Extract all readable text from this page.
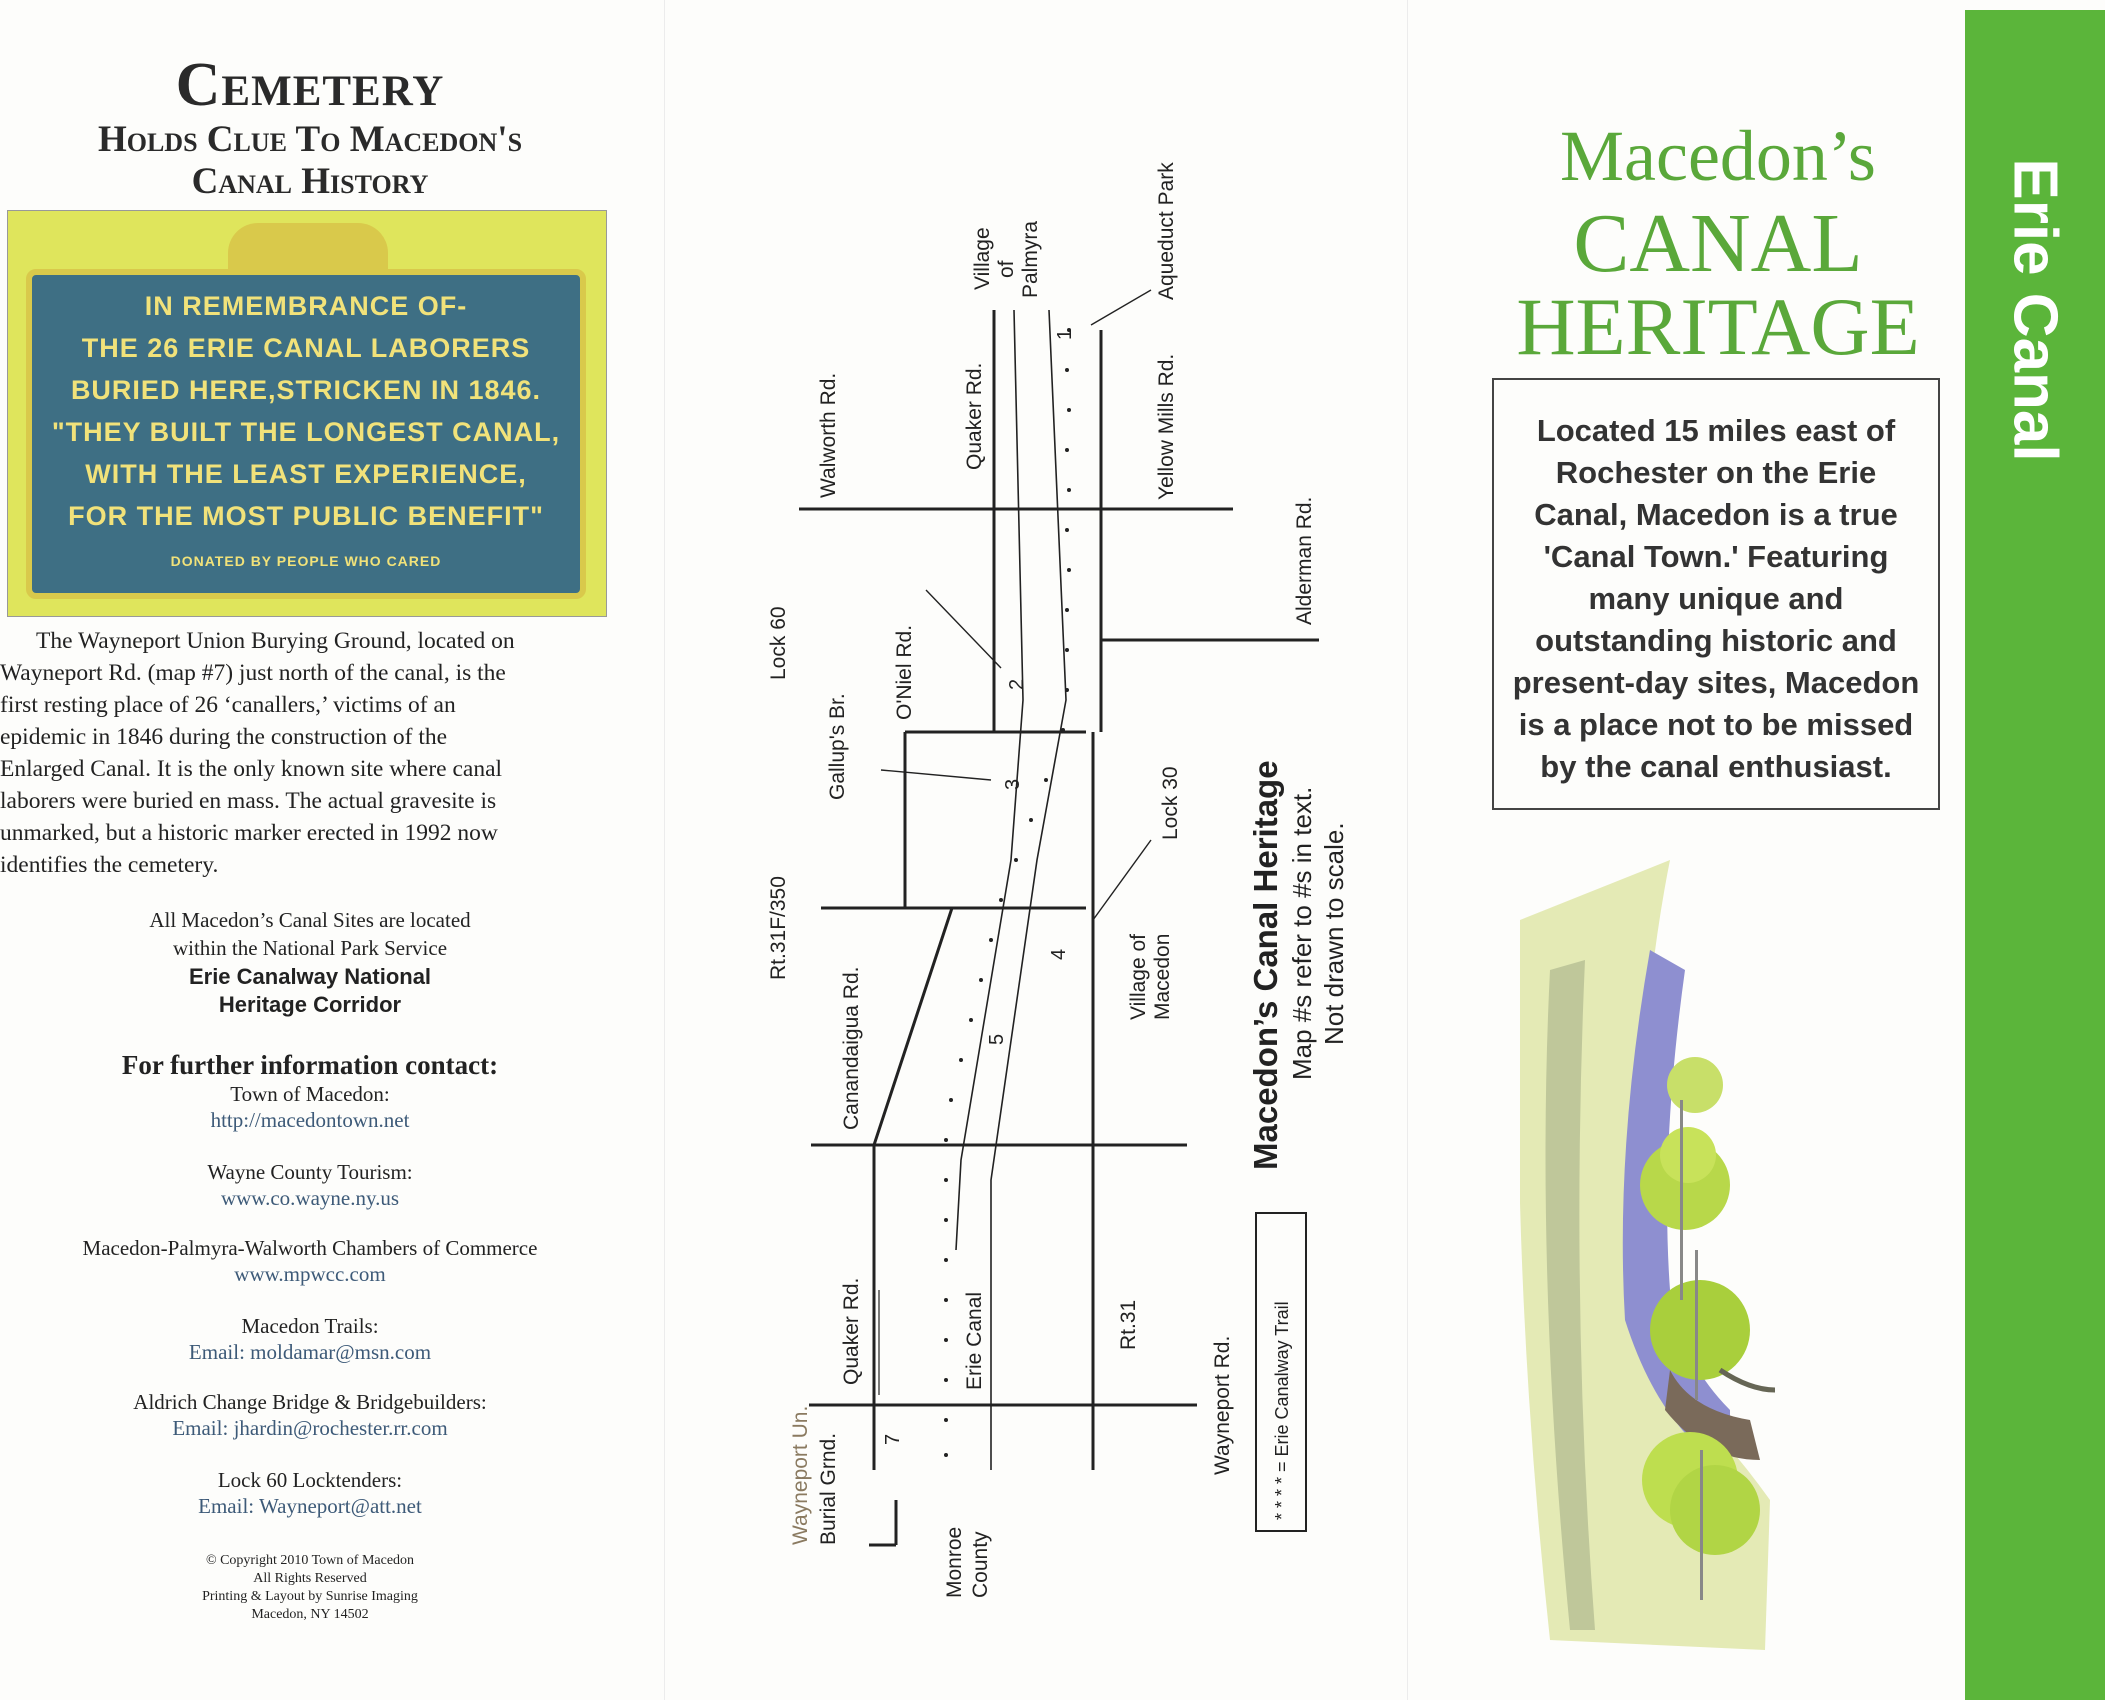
Cemetery
Holds Clue To Macedon's
Canal History
IN REMEMBRANCE OF-
THE 26 ERIE CANAL LABORERS
BURIED HERE,STRICKEN IN 1846.
"THEY BUILT THE LONGEST CANAL,
WITH THE LEAST EXPERIENCE,
FOR THE MOST PUBLIC BENEFIT"
DONATED BY PEOPLE WHO CARED
The Wayneport Union Burying Ground, located on
Wayneport Rd. (map #7) just north of the canal, is the
first resting place of 26 ‘canallers,’ victims of an
epidemic in 1846 during the construction of the
Enlarged Canal. It is the only known site where canal
laborers were buried en mass. The actual gravesite is
unmarked, but a historic marker erected in 1992 now
identifies the cemetery.
All Macedon’s Canal Sites are located
within the National Park Service
Erie Canalway National
Heritage Corridor
For further information contact:
Town of Macedon:
http://macedontown.net
Wayne County Tourism:
www.co.wayne.ny.us
Macedon-Palmyra-Walworth Chambers of Commerce
www.mpwcc.com
Macedon Trails:
Email: moldamar@msn.com
Aldrich Change Bridge & Bridgebuilders:
Email: jhardin@rochester.rr.com
Lock 60 Locktenders:
Email: Wayneport@att.net
© Copyright 2010 Town of Macedon
All Rights Reserved
Printing & Layout by Sunrise Imaging
Macedon, NY 14502
Walworth Rd.	Quaker Rd.
Village of Palmyra	Aqueduct Park
Yellow Mills Rd.
Alderman Rd.
Lock 60	O'Niel Rd.
Gallup's Br.
Lock 30
Rt.31F/350
Canandaigua Rd.	Village of Macedon
Quaker Rd.	Erie Canal	Rt.31
Wayneport Rd.
Wayneport Un. Burial Grnd.
Monroe County
1
2
3
4
5
7
Macedon’s Canal Heritage Map #s refer to #s in text. Not drawn to scale.
* * * * = Erie Canalway Trail
Macedon’s
CANAL
HERITAGE
Located 15 miles east of
Rochester on the Erie
Canal, Macedon is a true
'Canal Town.' Featuring
many unique and
outstanding historic and
present-day sites, Macedon
is a place not to be missed
by the canal enthusiast.
Erie Canal
